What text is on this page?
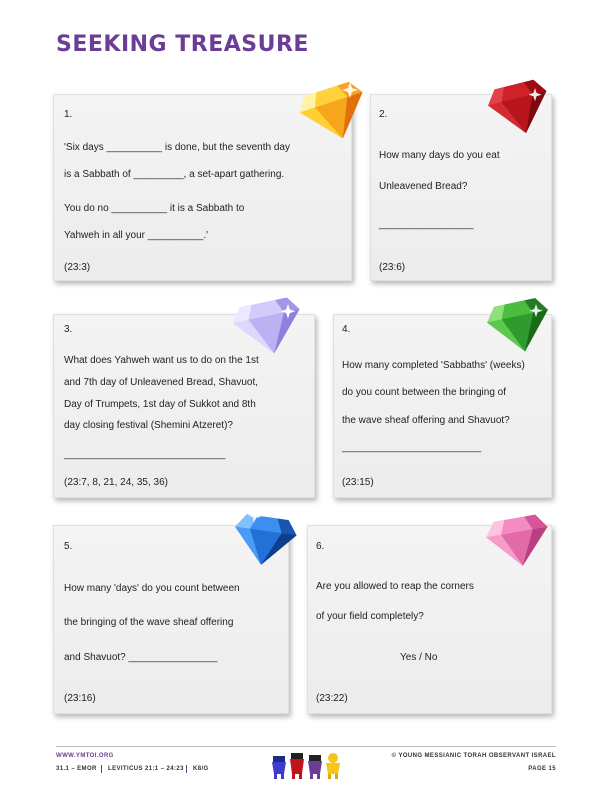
SEEKING TREASURE
1.
'Six days __________ is done, but the seventh day
is a Sabbath of _________, a set-apart gathering.
You do no __________ it is a Sabbath to
Yahweh in all your __________.'
(23:3)
2.
How many days do you eat
Unleavened Bread?
_________________
(23:6)
3.
What does Yahweh want us to do on the 1st
and 7th day of Unleavened Bread, Shavuot,
Day of Trumpets, 1st day of Sukkot and 8th
day closing festival (Shemini Atzeret)?
_____________________________
(23:7, 8, 21, 24, 35, 36)
4.
How many completed 'Sabbaths' (weeks)
do you count between the bringing of
the wave sheaf offering and Shavuot?
_________________________
(23:15)
5.
How many 'days' do you count between
the bringing of the wave sheaf offering
and Shavuot? ________________
(23:16)
6.
Are you allowed to reap the corners
of your field completely?
Yes / No
(23:22)
WWW.YMTOI.ORG
31.1 – EMOR LEVITICUS 21:1 – 24:23 K8/G
© YOUNG MESSIANIC TORAH OBSERVANT ISRAEL
PAGE 15
